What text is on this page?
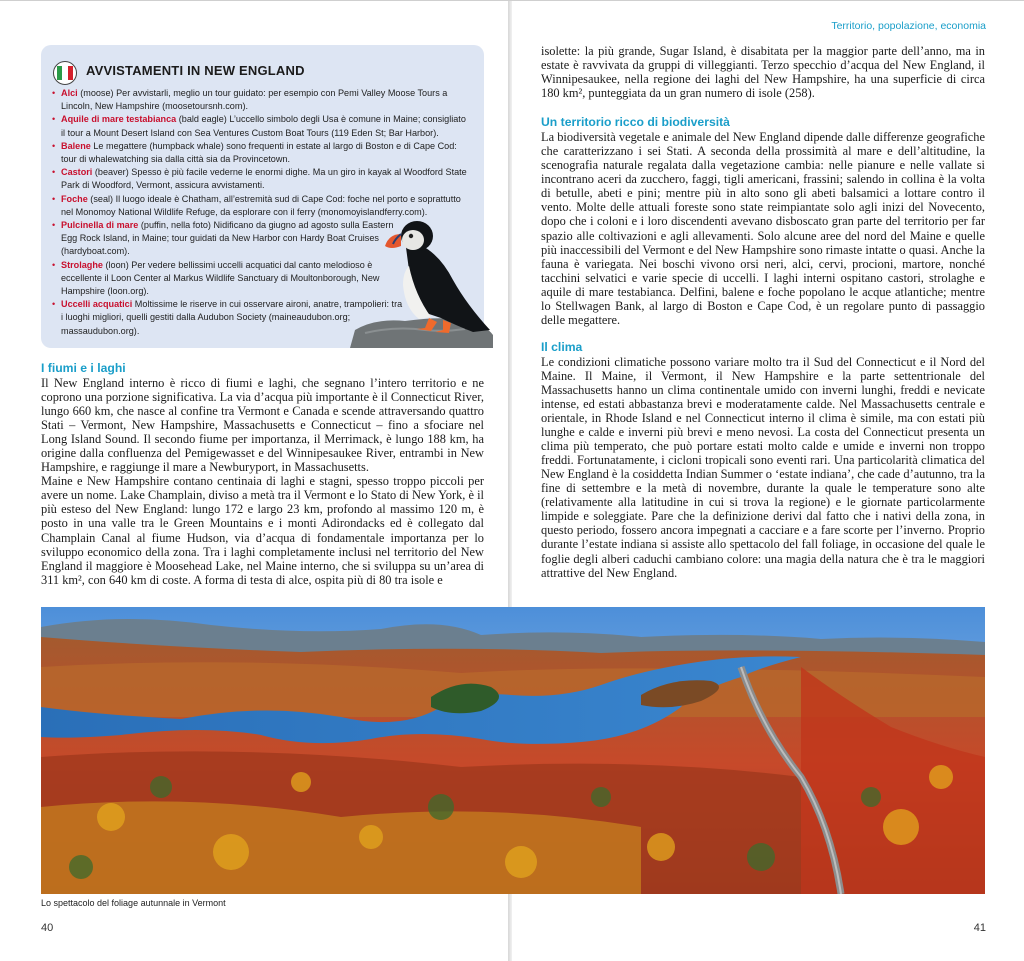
Territorio, popolazione, economia
AVVISTAMENTI IN NEW ENGLAND
• Alci (moose) Per avvistarli, meglio un tour guidato: per esempio con Pemi Valley Moose Tours a Lincoln, New Hampshire (moosetoursnh.com).
• Aquile di mare testabianca (bald eagle) L’uccello simbolo degli Usa è comune in Maine; consigliato il tour a Mount Desert Island con Sea Ventures Custom Boat Tours (119 Eden St; Bar Harbor).
• Balene Le megattere (humpback whale) sono frequenti in estate al largo di Boston e di Cape Cod: tour di whalewatching sia dalla città sia da Provincetown.
• Castori (beaver) Spesso è più facile vederne le enormi dighe. Ma un giro in kayak al Woodford State Park di Woodford, Vermont, assicura avvistamenti.
• Foche (seal) Il luogo ideale è Chatham, all’estremità sud di Cape Cod: foche nel porto e soprattutto nel Monomoy National Wildlife Refuge, da esplorare con il ferry (monomoyislandferry.com).
• Pulcinella di mare (puffin, nella foto) Nidificano da giugno ad agosto sulla Eastern Egg Rock Island, in Maine; tour guidati da New Harbor con Hardy Boat Cruises (hardyboat.com).
• Strolaghe (loon) Per vedere bellissimi uccelli acquatici dal canto melodioso è eccellente il Loon Center al Markus Wildlife Sanctuary di Moultonborough, New Hampshire (loon.org).
• Uccelli acquatici Moltissime le riserve in cui osservare aironi, anatre, trampolieri: tra i luoghi migliori, quelli gestiti dalla Audubon Society (maineaudubon.org; massaudubon.org).
I fiumi e i laghi

Il New England interno è ricco di fiumi e laghi, che segnano l’intero territorio e ne coprono una porzione significativa. La via d’acqua più importante è il Connecticut River, lungo 660 km, che nasce al confine tra Vermont e Canada e scende attraversando quattro Stati – Vermont, New Hampshire, Massachusetts e Connecticut – fino a sfociare nel Long Island Sound. Il secondo fiume per importanza, il Merrimack, è lungo 188 km, ha origine dalla confluenza del Pemigewasset e del Winnipesaukee River, entrambi in New Hampshire, e raggiunge il mare a Newburyport, in Massachusetts.

Maine e New Hampshire contano centinaia di laghi e stagni, spesso troppo piccoli per avere un nome. Lake Champlain, diviso a metà tra il Vermont e lo Stato di New York, è il più esteso del New England: lungo 172 e largo 23 km, profondo al massimo 120 m, è posto in una valle tra le Green Mountains e i monti Adirondacks ed è collegato dal Champlain Canal al fiume Hudson, via d’acqua di fondamentale importanza per lo sviluppo economico della zona. Tra i laghi completamente inclusi nel territorio del New England il maggiore è Moosehead Lake, nel Maine interno, che si sviluppa su un’area di 311 km², con 640 km di coste. A forma di testa di alce, ospita più di 80 tra isole e

isolette: la più grande, Sugar Island, è disabitata per la maggior parte dell’anno, ma in estate è ravvivata da gruppi di villeggianti. Terzo specchio d’acqua del New England, il Winnipesaukee, nella regione dei laghi del New Hampshire, ha una superficie di circa 180 km², punteggiata da un gran numero di isole (258).

Un territorio ricco di biodiversità

La biodiversità vegetale e animale del New England dipende dalle differenze geografiche che caratterizzano i sei Stati. A seconda della prossimità al mare e dell’altitudine, la scenografia naturale regalata dalla vegetazione cambia: nelle pianure e nelle vallate si incontrano aceri da zucchero, faggi, tigli americani, frassini; salendo in collina è la volta di betulle, abeti e pini; mentre più in alto sono gli abeti balsamici a lottare contro il vento. Molte delle attuali foreste sono state reimpiantate solo agli inizi del Novecento, dopo che i coloni e i loro discendenti avevano disboscato gran parte del territorio per far spazio alle coltivazioni e agli allevamenti. Solo alcune aree del nord del Maine e quelle più inaccessibili del Vermont e del New Hampshire sono rimaste intatte o quasi. Anche la fauna è variegata. Nei boschi vivono orsi neri, alci, cervi, procioni, martore, nonché tacchini selvatici e varie specie di uccelli. I laghi interni ospitano castori, strolaghe e aquile di mare testabianca. Delfini, balene e foche popolano le acque atlantiche; mentre lo Stellwagen Bank, al largo di Boston e Cape Cod, è un regolare punto di passaggio delle megattere.

Il clima

Le condizioni climatiche possono variare molto tra il Sud del Connecticut e il Nord del Maine. Il Maine, il Vermont, il New Hampshire e la parte settentrionale del Massachusetts hanno un clima continentale umido con inverni lunghi, freddi e nevicate intense, ed estati abbastanza brevi e moderatamente calde. Nel Massachusetts centrale e orientale, in Rhode Island e nel Connecticut interno il clima è simile, ma con estati più lunghe e calde e inverni più brevi e meno nevosi. La costa del Connecticut presenta un clima più temperato, che può portare estati molto calde e umide e inverni non troppo freddi. Fortunatamente, i cicloni tropicali sono eventi rari. Una particolarità climatica del New England è la cosiddetta Indian Summer o ‘estate indiana’, che cade d’autunno, tra la fine di settembre e la metà di novembre, durante la quale le temperature sono alte (relativamente alla latitudine in cui si trova la regione) e le giornate particolarmente limpide e soleggiate. Pare che la definizione derivi dal fatto che i nativi della zona, in questo periodo, fossero ancora impegnati a cacciare e a fare scorte per l’inverno. Proprio durante l’estate indiana si assiste allo spettacolo del fall foliage, in occasione del quale le foglie degli alberi caduchi cambiano colore: una magia della natura che è tra le maggiori attrattive del New England.

Lo spettacolo del foliage autunnale in Vermont
40	41
